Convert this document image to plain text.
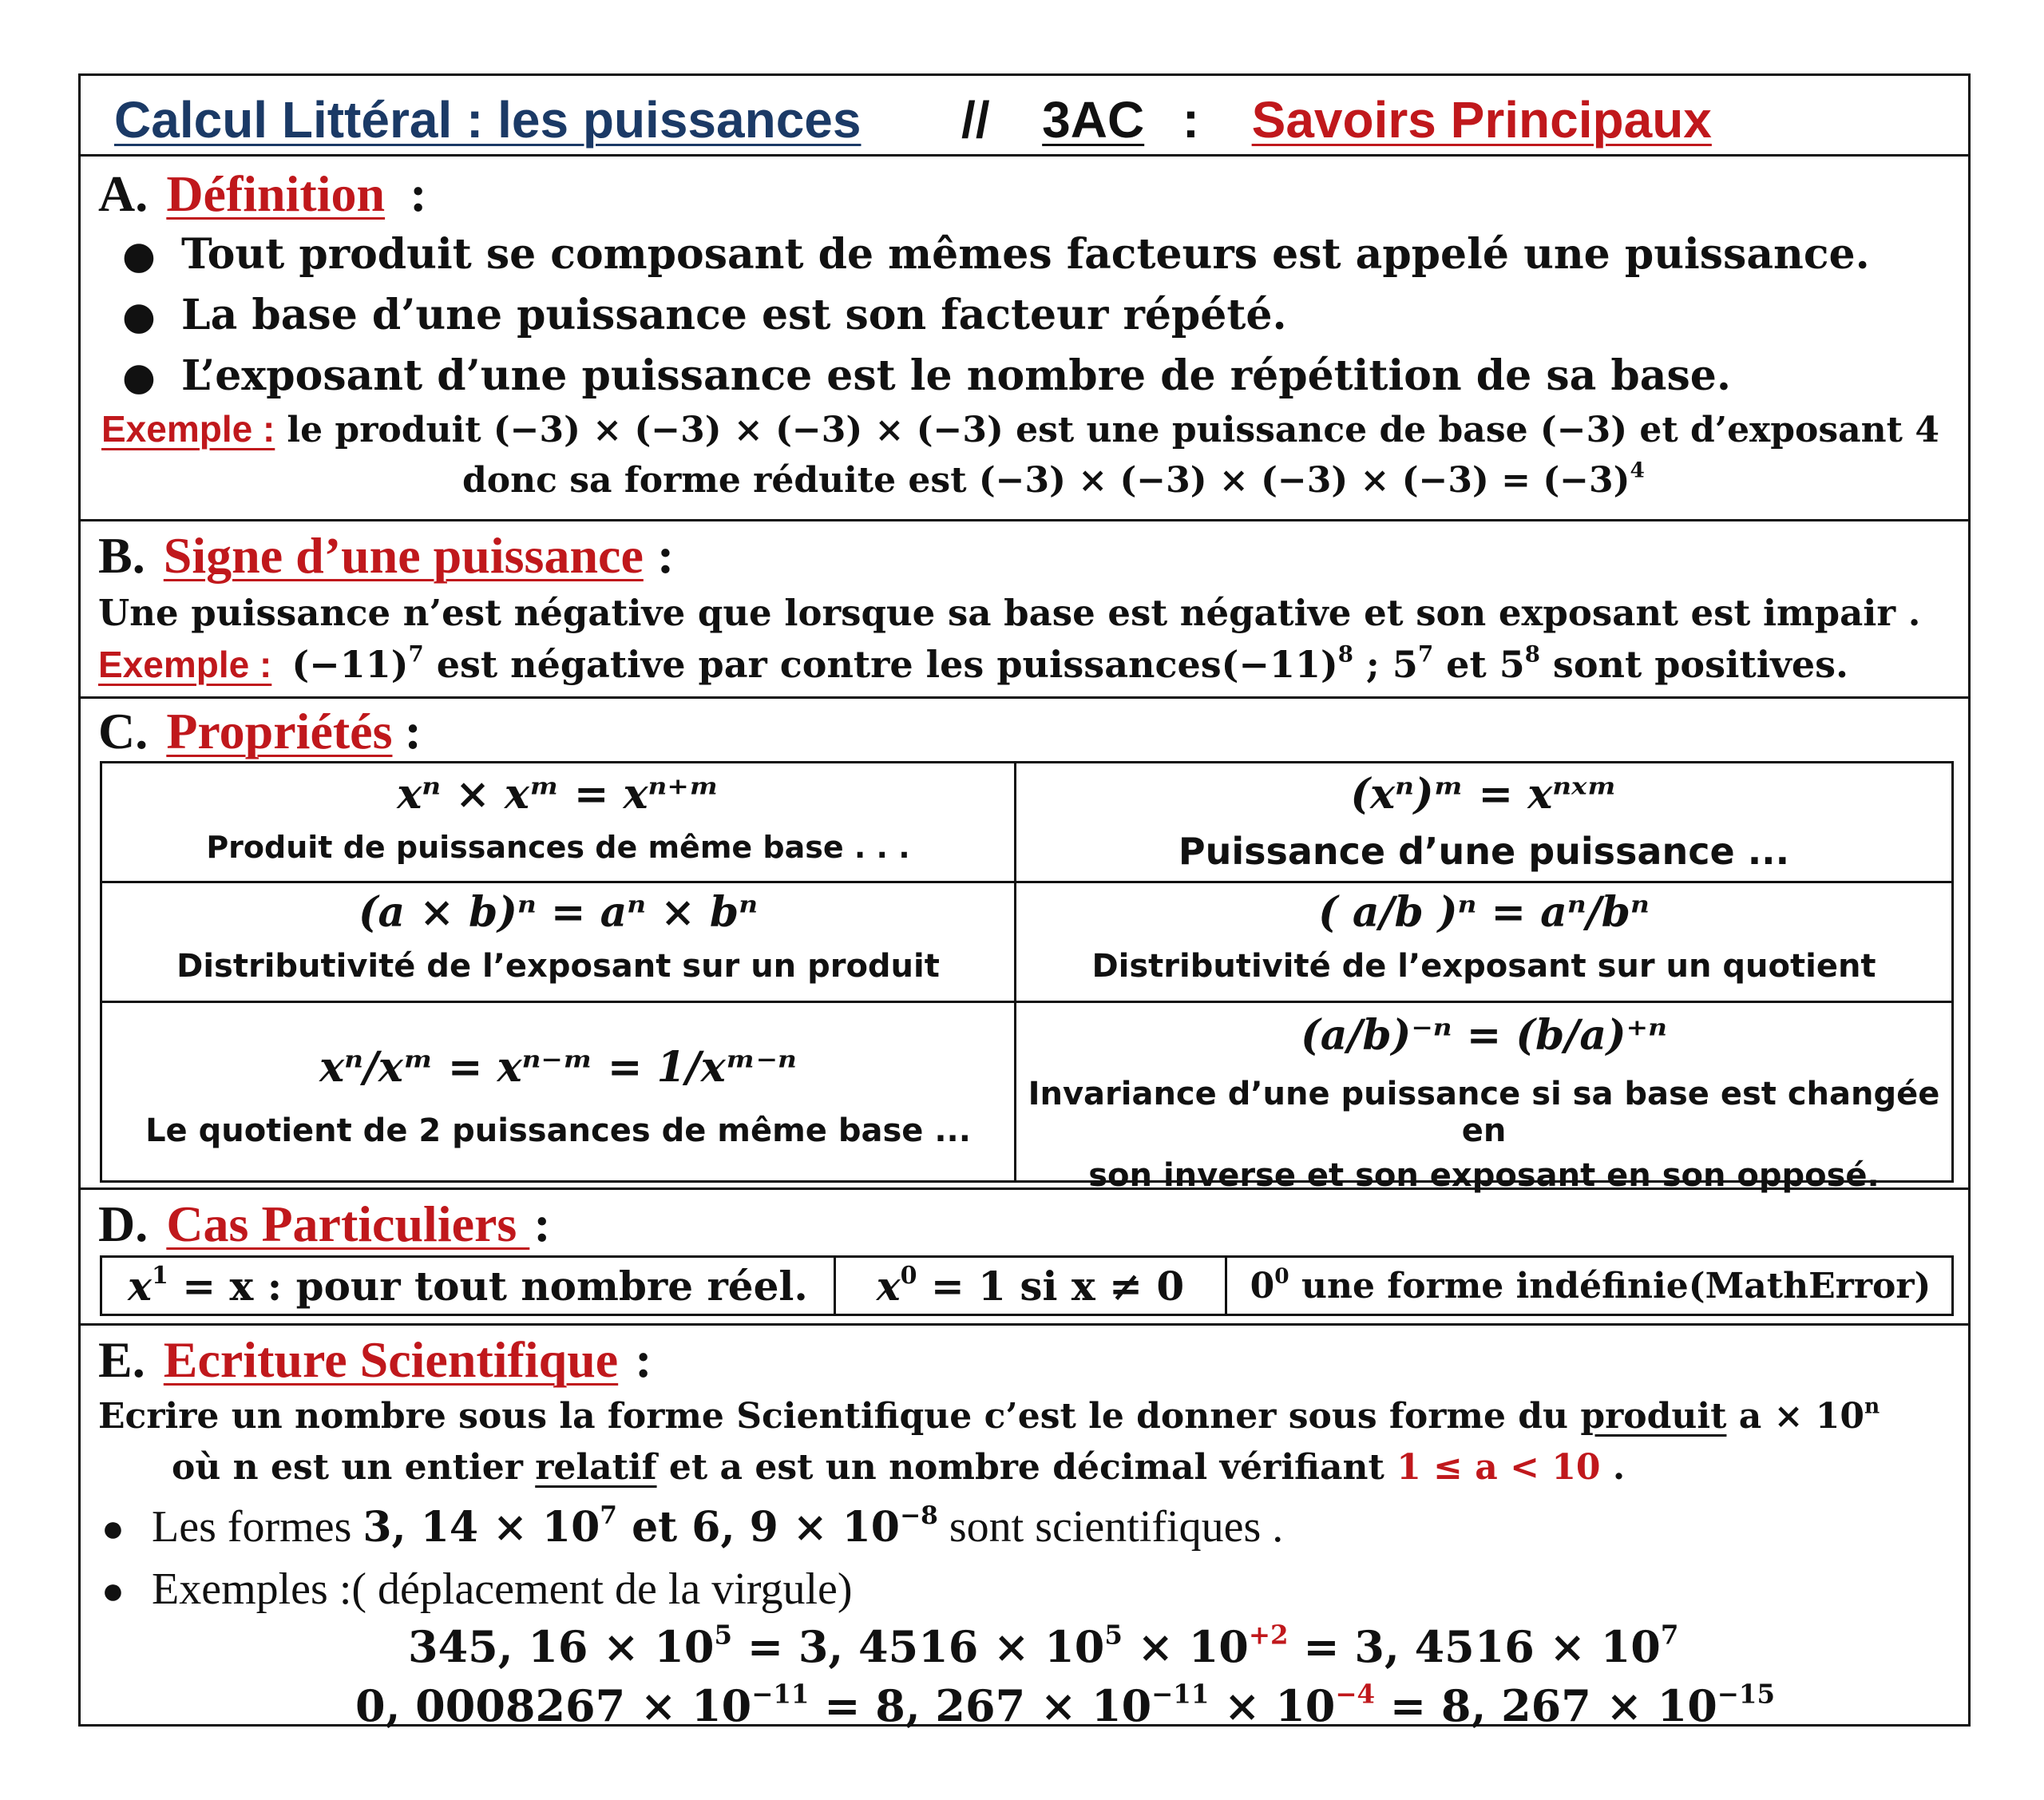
Calcul Littéral : les puissances // 3AC : Savoirs Principaux
A. Définition :
● Tout produit se composant de mêmes facteurs est appelé une puissance.
● La base d’une puissance est son facteur répété.
● L’exposant d’une puissance est le nombre de répétition de sa base.
Exemple : le produit (−3) × (−3) × (−3) × (−3) est une puissance de base (−3) et d’exposant 4
donc sa forme réduite est $(-3) \times (-3) \times (-3) \times (-3) = (-3)^4$
B. Signe d’une puissance :
Une puissance n’est négative que lorsque sa base est négative et son exposant est impair .
Exemple : $(-11)^7$ est négative par contre les $puissances(-11)^8$ ; $5^7$ et $5^8$ sont positives.
C. Propriétés :
xⁿ × xᵐ = xⁿ⁺ᵐ
Produit de puissances de même base . . .
(xⁿ)ᵐ = xⁿˣᵐ
Puissance d’une puissance ...
(a × b)ⁿ = aⁿ × bⁿ
Distributivité de l’exposant sur un produit
( a/b )ⁿ = aⁿ/bⁿ
Distributivité de l’exposant sur un quotient
xⁿ/xᵐ = xⁿ⁻ᵐ = 1/xᵐ⁻ⁿ
Le quotient de 2 puissances de même base ...
(a/b)⁻ⁿ = (b/a)⁺ⁿ
Invariance d’une puissance si sa base est changée en
son inverse et son exposant en son opposé.
D. Cas Particuliers  :
$x^1 = x$ : pour tout nombre réel.	$x^0 = 1$ si x ≠ 0	$0^0$ une forme indéfinie(MathError)
E. Ecriture Scientifique :
Ecrire un nombre sous la forme Scientifique c’est le donner sous forme du produit $a \times 10^n$
où n est un entier relatif et a est un nombre décimal vérifiant 1 ≤ a < 10 .
● Les formes 3, $14 \times 10^7$ et 6, $9 \times 10^{-8}$ sont scientifiques .
● Exemples :( déplacement de la virgule)
345, $16 \times 10^5 = 3$, $4516 \times 10^5 \times 10^{+2} = 3$, $4516 \times 10^7$
0, $0008267 \times 10^{-11} = 8$, $267 \times 10^{-11} \times 10^{-4} = 8$, $267 \times 10^{-15}$
